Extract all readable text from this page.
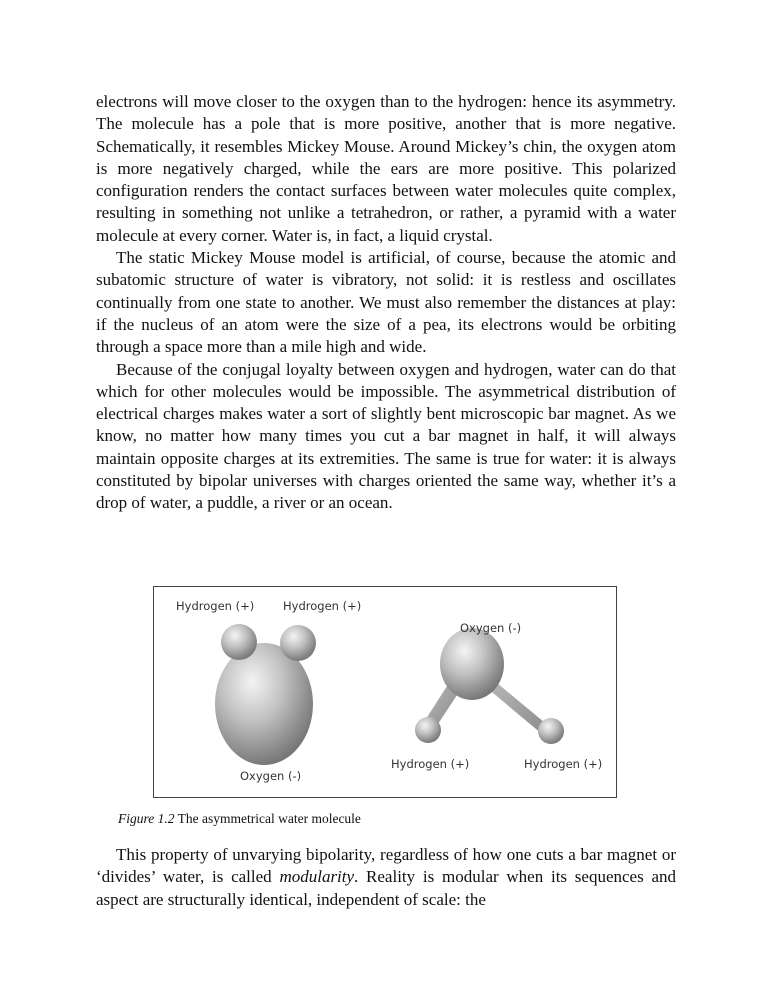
electrons will move closer to the oxygen than to the hydrogen: hence its asymmetry. The molecule has a pole that is more positive, another that is more negative. Schematically, it resembles Mickey Mouse. Around Mickey’s chin, the oxygen atom is more negatively charged, while the ears are more positive. This polarized configuration renders the contact surfaces between water molecules quite complex, resulting in something not unlike a tetrahedron, or rather, a pyramid with a water molecule at every corner. Water is, in fact, a liquid crystal.

The static Mickey Mouse model is artificial, of course, because the atomic and subatomic structure of water is vibratory, not solid: it is restless and oscillates continually from one state to another. We must also remember the distances at play: if the nucleus of an atom were the size of a pea, its electrons would be orbiting through a space more than a mile high and wide.

Because of the conjugal loyalty between oxygen and hydrogen, water can do that which for other molecules would be impossible. The asymmetrical distribution of electrical charges makes water a sort of slightly bent microscopic bar magnet. As we know, no matter how many times you cut a bar magnet in half, it will always maintain opposite charges at its extremities. The same is true for water: it is always constituted by bipolar universes with charges oriented the same way, whether it’s a drop of water, a puddle, a river or an ocean.

Hydrogen (+)	Hydrogen (+)
Oxygen (-)
Oxygen (-)
Hydrogen (+)	Hydrogen (+)
Figure 1.2 The asymmetrical water molecule

This property of unvarying bipolarity, regardless of how one cuts a bar magnet or ‘divides’ water, is called modularity. Reality is modular when its sequences and aspect are structurally identical, independent of scale: the
